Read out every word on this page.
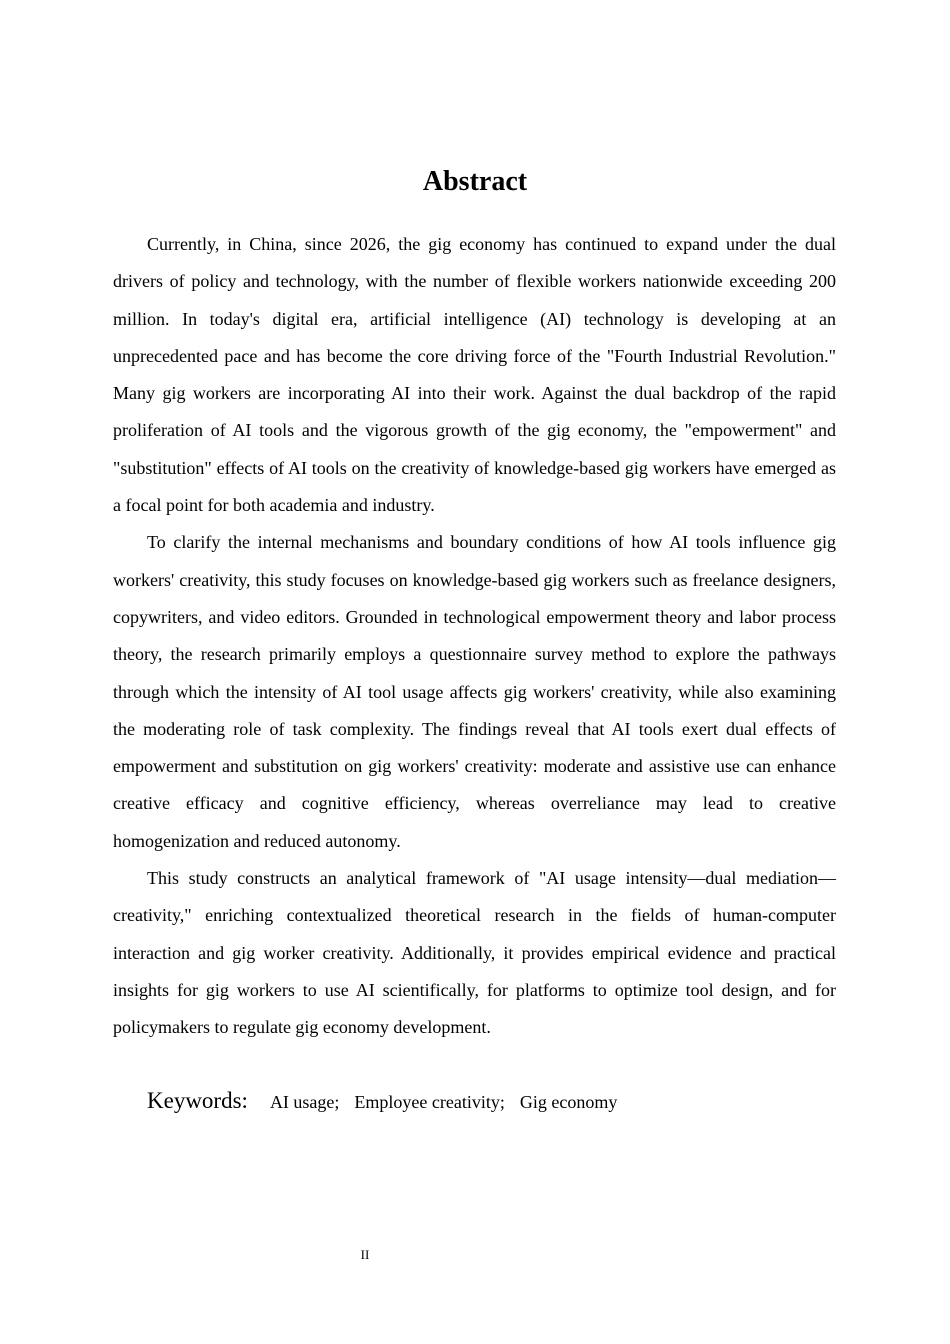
Abstract

Currently, in China, since 2026, the gig economy has continued to expand under the dual drivers of policy and technology, with the number of flexible workers nationwide exceeding 200 million. In today's digital era, artificial intelligence (AI) technology is developing at an unprecedented pace and has become the core driving force of the "Fourth Industrial Revolution." Many gig workers are incorporating AI into their work. Against the dual backdrop of the rapid proliferation of AI tools and the vigorous growth of the gig economy, the "empowerment" and "substitution" effects of AI tools on the creativity of knowledge-based gig workers have emerged as a focal point for both academia and industry.

To clarify the internal mechanisms and boundary conditions of how AI tools influence gig workers' creativity, this study focuses on knowledge-based gig workers such as freelance designers, copywriters, and video editors. Grounded in technological empowerment theory and labor process theory, the research primarily employs a questionnaire survey method to explore the pathways through which the intensity of AI tool usage affects gig workers' creativity, while also examining the moderating role of task complexity. The findings reveal that AI tools exert dual effects of empowerment and substitution on gig workers' creativity: moderate and assistive use can enhance creative efficacy and cognitive efficiency, whereas overreliance may lead to creative homogenization and reduced autonomy.

This study constructs an analytical framework of "AI usage intensity—dual mediation—creativity," enriching contextualized theoretical research in the fields of human-computer interaction and gig worker creativity. Additionally, it provides empirical evidence and practical insights for gig workers to use AI scientifically, for platforms to optimize tool design, and for policymakers to regulate gig economy development.

Keywords: AI usage; Employee creativity; Gig economy
II
